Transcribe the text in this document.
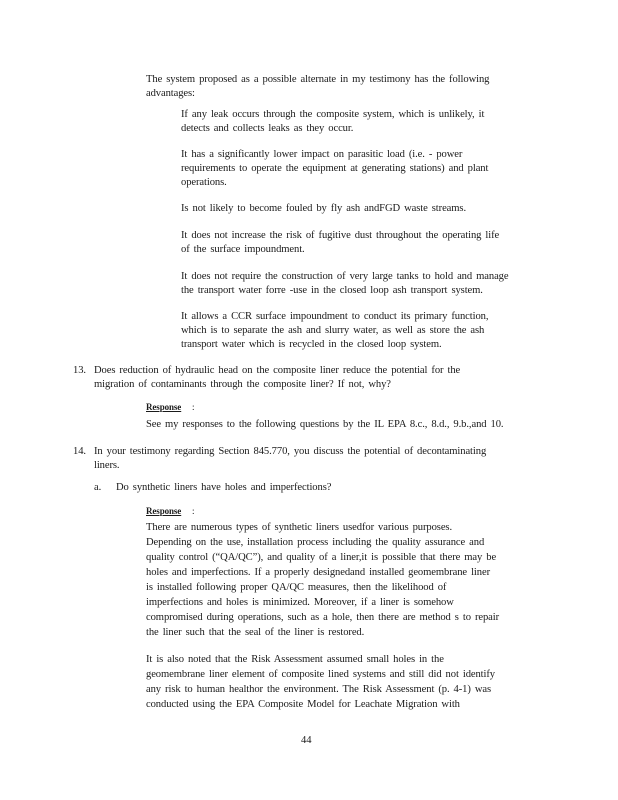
The system proposed as a possible alternate in my testimony has the following
advantages:
If any leak occurs through the composite system, which is unlikely, it
detects and collects leaks as they occur.
It has a significantly lower impact on parasitic load (i.e. - power
requirements to operate the equipment at generating stations) and plant
operations.
Is not likely to become fouled by fly ash andFGD waste streams.
It does not increase the risk of fugitive dust throughout the operating life
of the surface impoundment.
It does not require the construction of very large tanks to hold and manage
the transport water forre -use in the closed loop ash transport system.
It allows a CCR surface impoundment to conduct its primary function,
which is to separate the ash and slurry water, as well as store the ash
transport water which is recycled in the closed loop system.
13. Does reduction of hydraulic head on the composite liner reduce the potential for the
migration of contaminants through the composite liner? If not, why?
Response :
See my responses to the following questions by the IL EPA 8.c., 8.d., 9.b.,and 10.
14. In your testimony regarding Section 845.770, you discuss the potential of decontaminating
liners.
a. Do synthetic liners have holes and imperfections?
Response :
There are numerous types of synthetic liners usedfor various purposes.
Depending on the use, installation process including the quality assurance and
quality control (“QA/QC”), and quality of a liner,it is possible that there may be
holes and imperfections. If a properly designedand installed geomembrane liner
is installed following proper QA/QC measures, then the likelihood of
imperfections and holes is minimized. Moreover, if a liner is somehow
compromised during operations, such as a hole, then there are method s to repair
the liner such that the seal of the liner is restored.
It is also noted that the Risk Assessment assumed small holes in the
geomembrane liner element of composite lined systems and still did not identify
any risk to human healthor the environment. The Risk Assessment (p. 4-1) was
conducted using the EPA Composite Model for Leachate Migration with
44
